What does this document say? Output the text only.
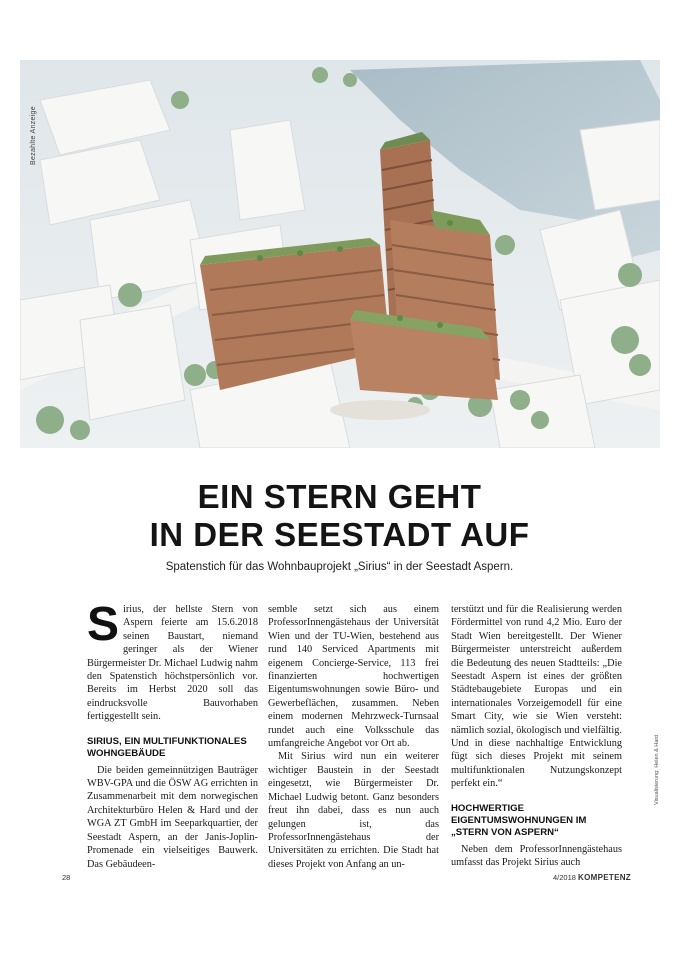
Bezahlte Anzeige
Visualisierung: Helen & Hard
EIN STERN GEHT
IN DER SEESTADT AUF

Spatenstich für das Wohnbauprojekt „Sirius“ in der Seestadt Aspern.

Sirius, der hellste Stern von Aspern feierte am 15.6.2018 seinen Baustart, niemand geringer als der Wiener Bürgermeister Dr. Michael Ludwig nahm den Spatenstich höchstpersönlich vor. Bereits im Herbst 2020 soll das eindrucksvolle Bauvorhaben fertiggestellt sein.

SIRIUS, EIN MULTIFUNKTIONALES WOHNGEBÄUDE

Die beiden gemeinnützigen Bauträger WBV-GPA und die ÖSW AG errichten in Zusammenarbeit mit dem norwegischen Architekturbüro Helen & Hard und der WGA ZT GmbH im Seeparkquartier, der Seestadt Aspern, an der Janis-Joplin-Promenade ein vielseitiges Bauwerk. Das Gebäudeen-

semble setzt sich aus einem ProfessorInnengästehaus der Universität Wien und der TU-Wien, bestehend aus rund 140 Serviced Apartments mit eigenem Concierge-Service, 113 frei finanzierten hochwertigen Eigentumswohnungen sowie Büro- und Gewerbeflächen, zusammen. Neben einem modernen Mehrzweck-Turnsaal rundet auch eine Volksschule das umfangreiche Angebot vor Ort ab.

Mit Sirius wird nun ein weiterer wichtiger Baustein in der Seestadt eingesetzt, wie Bürgermeister Dr. Michael Ludwig betont. Ganz besonders freut ihn dabei, dass es nun auch gelungen ist, das ProfessorInnengästehaus der Universitäten zu errichten. Die Stadt hat dieses Projekt von Anfang an un-

terstützt und für die Realisierung werden Fördermittel von rund 4,2 Mio. Euro der Stadt Wien bereitgestellt. Der Wiener Bürgermeister unterstreicht außerdem die Bedeutung des neuen Stadtteils: „Die Seestadt Aspern ist eines der größten Städtebaugebiete Europas und ein internationales Vorzeigemodell für eine Smart City, wie sie Wien versteht: nämlich sozial, ökologisch und vielfältig. Und in diese nachhaltige Entwicklung fügt sich dieses Projekt mit seinem multifunktionalen Nutzungskonzept perfekt ein.“

HOCHWERTIGE EIGENTUMSWOHNUNGEN IM „STERN VON ASPERN“

Neben dem ProfessorInnengästehaus umfasst das Projekt Sirius auch

28	4/2018 KOMPETENZ
